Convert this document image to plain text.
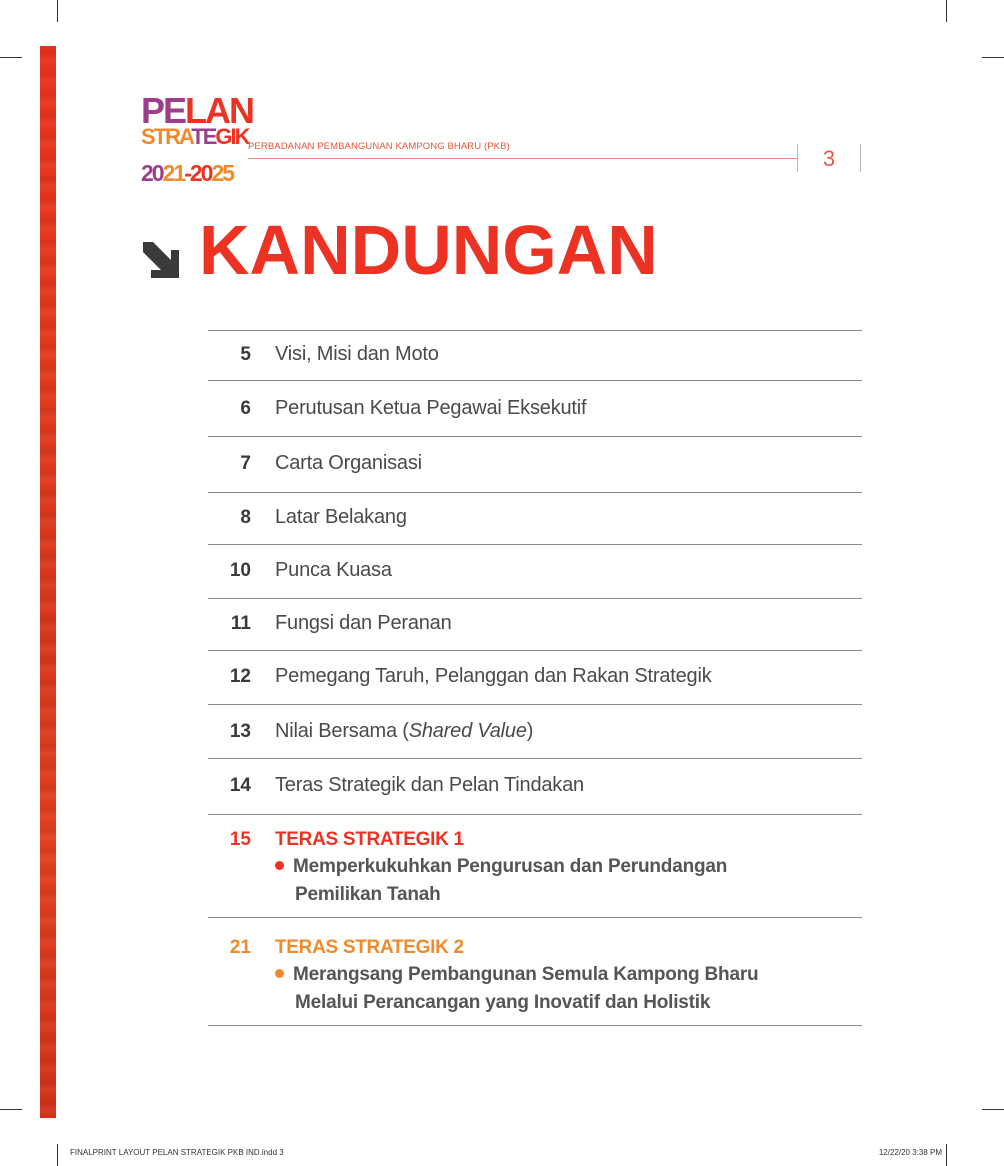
PELAN
STRATEGIK
2021-2025
PERBADANAN PEMBANGUNAN KAMPONG BHARU (PKB)	3
KANDUNGAN
5 Visi, Misi dan Moto
6 Perutusan Ketua Pegawai Eksekutif
7 Carta Organisasi
8 Latar Belakang
10 Punca Kuasa
11 Fungsi dan Peranan
12 Pemegang Taruh, Pelanggan dan Rakan Strategik
13 Nilai Bersama (Shared Value)
14 Teras Strategik dan Pelan Tindakan
15 TERAS STRATEGIK 1
Memperkukuhkan Pengurusan dan Perundangan
Pemilikan Tanah
21 TERAS STRATEGIK 2
Merangsang Pembangunan Semula Kampong Bharu
Melalui Perancangan yang Inovatif dan Holistik
FINALPRINT LAYOUT PELAN STRATEGIK PKB IND.indd 3	12/22/20 3:38 PM
